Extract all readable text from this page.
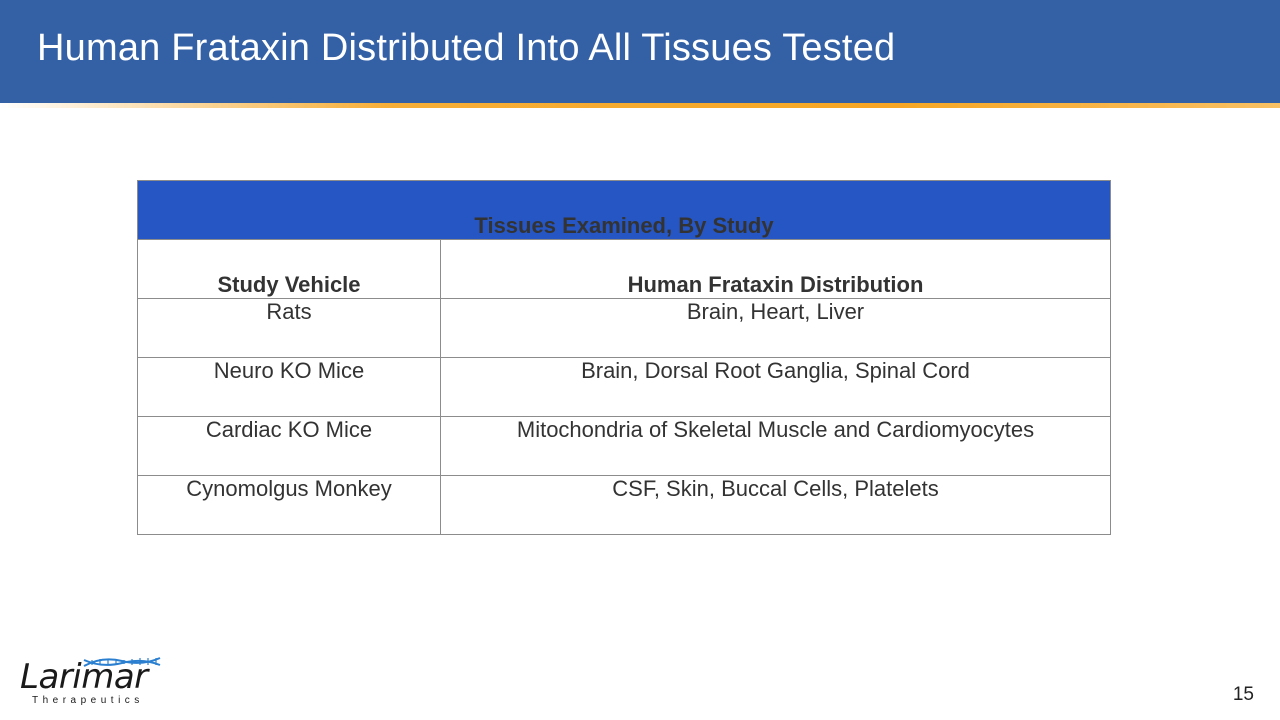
Human Frataxin Distributed Into All Tissues Tested
Tissues Examined, By Study	
Study Vehicle	Human Frataxin Distribution
Rats	Brain, Heart, Liver
Neuro KO Mice	Brain, Dorsal Root Ganglia, Spinal Cord
Cardiac KO Mice	Mitochondria of Skeletal Muscle and Cardiomyocytes
Cynomolgus Monkey	CSF, Skin, Buccal Cells, Platelets
Larimar
Therapeutics	15
